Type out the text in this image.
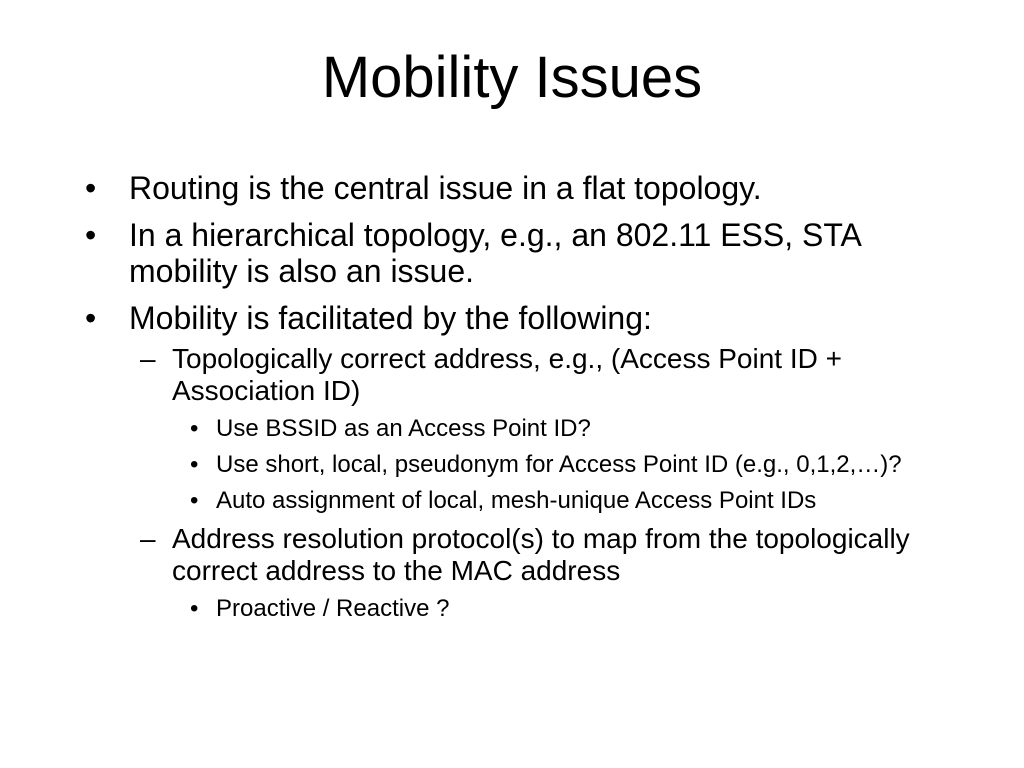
Mobility Issues
• Routing is the central issue in a flat topology.
• In a hierarchical topology, e.g., an 802.11 ESS, STA mobility is also an issue.
• Mobility is facilitated by the following:
– Topologically correct address, e.g., (Access Point ID + Association ID)
• Use BSSID as an Access Point ID?
• Use short, local, pseudonym for Access Point ID (e.g., 0,1,2,…)?
• Auto assignment of local, mesh-unique Access Point IDs
– Address resolution protocol(s) to map from the topologically correct address to the MAC address
• Proactive / Reactive ?
